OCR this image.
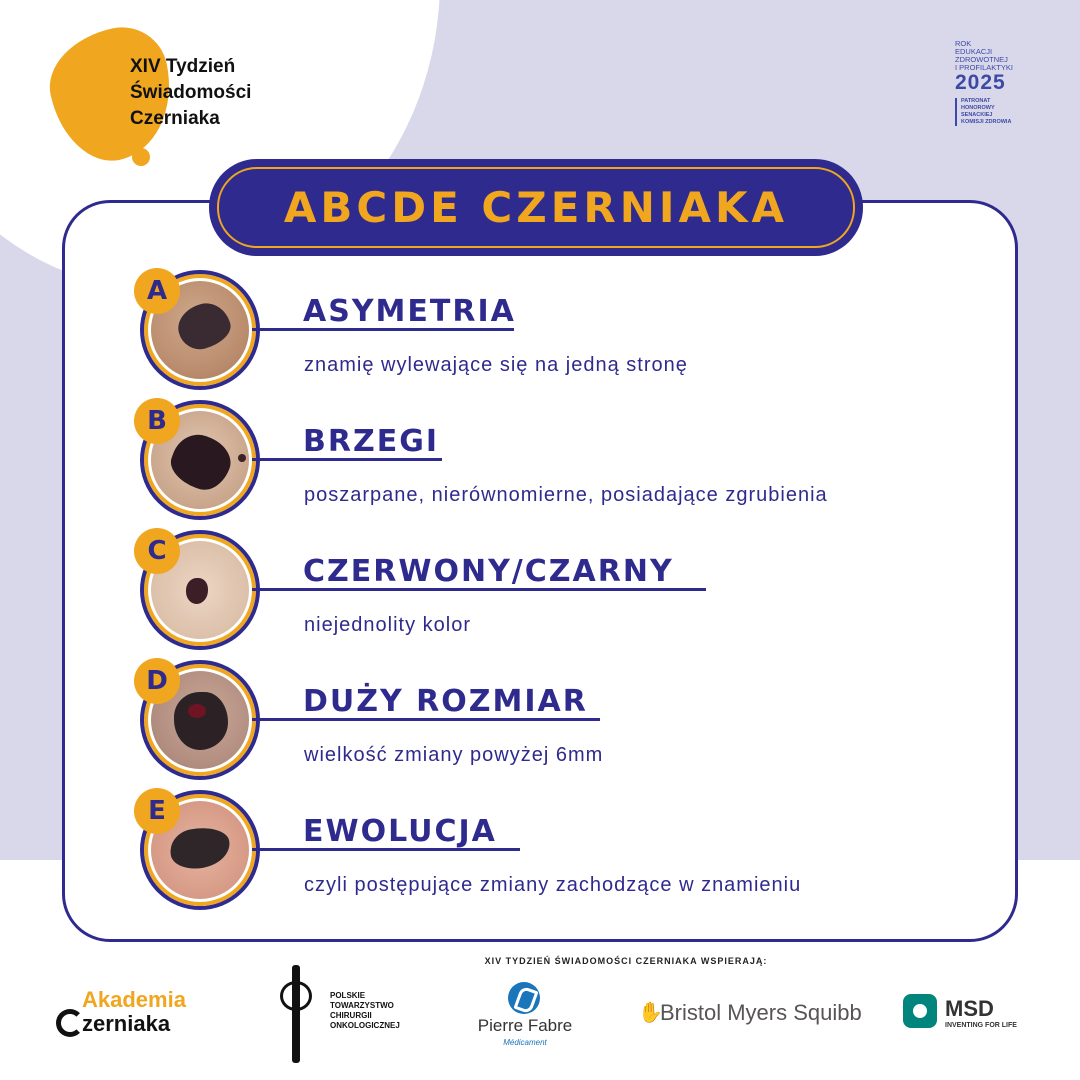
XIV Tydzień
Świadomości
Czerniaka
ROK
EDUKACJI
ZDROWOTNEJ
I PROFILAKTYKI
2025
PATRONAT
HONOROWY
SENACKIEJ
KOMISJI ZDROWIA
ABCDE CZERNIAKA
A
ASYMETRIA
znamię wylewające się na jedną stronę
B
BRZEGI
poszarpane, nierównomierne, posiadające zgrubienia
C
CZERWONY/CZARNY
niejednolity kolor
D
DUŻY ROZMIAR
wielkość zmiany powyżej 6mm
E
EWOLUCJA
czyli postępujące zmiany zachodzące w znamieniu
XIV TYDZIEŃ ŚWIADOMOŚCI CZERNIAKA WSPIERAJĄ:
Akademia
zerniaka
POLSKIE
TOWARZYSTWO
CHIRURGII
ONKOLOGICZNEJ	Pierre Fabre
Médicament
✋
Bristol Myers Squibb	MSD
INVENTING FOR LIFE
